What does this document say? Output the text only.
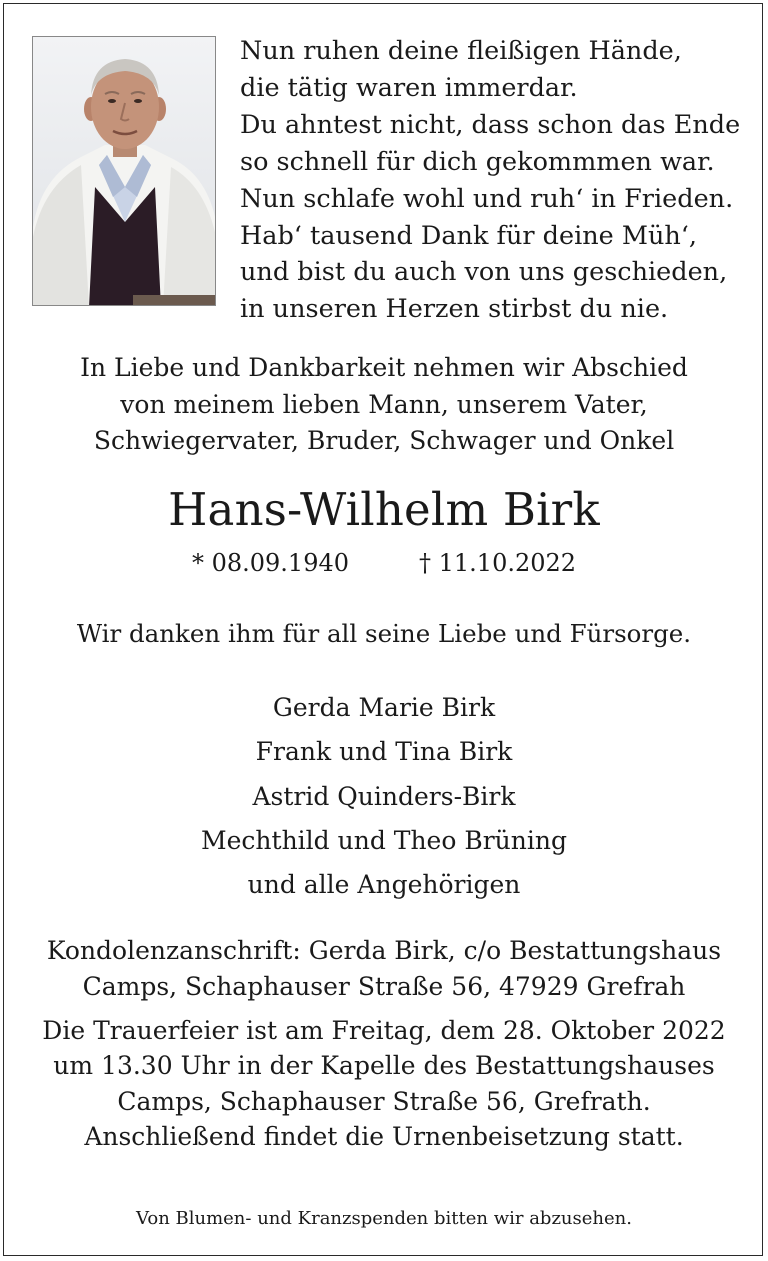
Nun ruhen deine fleißigen Hände,
die tätig waren immerdar.
Du ahntest nicht, dass schon das Ende
so schnell für dich gekommmen war.
Nun schlafe wohl und ruh‘ in Frieden.
Hab‘ tausend Dank für deine Müh‘,
und bist du auch von uns geschieden,
in unseren Herzen stirbst du nie.
In Liebe und Dankbarkeit nehmen wir Abschied
von meinem lieben Mann, unserem Vater,
Schwiegervater, Bruder, Schwager und Onkel
Hans-Wilhelm Birk
* 08.09.1940	† 11.10.2022
Wir danken ihm für all seine Liebe und Fürsorge.
Gerda Marie Birk
Frank und Tina Birk
Astrid Quinders-Birk
Mechthild und Theo Brüning
und alle Angehörigen
Kondolenzanschrift: Gerda Birk, c/o Bestattungshaus
Camps, Schaphauser Straße 56, 47929 Grefrah
Die Trauerfeier ist am Freitag, dem 28. Oktober 2022
um 13.30 Uhr in der Kapelle des Bestattungshauses
Camps, Schaphauser Straße 56, Grefrath.
Anschließend findet die Urnenbeisetzung statt.
Von Blumen- und Kranzspenden bitten wir abzusehen.
